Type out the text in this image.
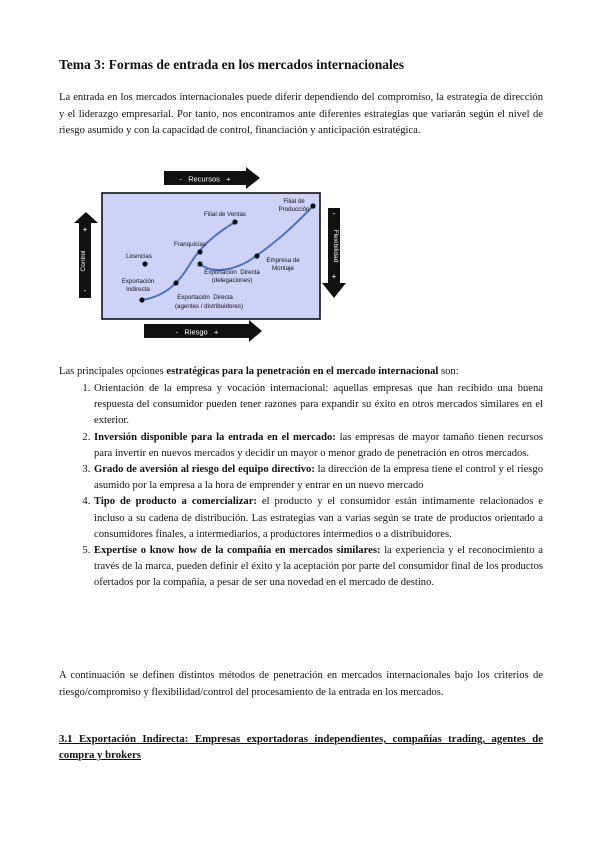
Tema 3: Formas de entrada en los mercados internacionales

La entrada en los mercados internacionales puede diferir dependiendo del compromiso, la estrategia de dirección y el liderazgo empresarial. Por tanto, nos encontramos ante diferentes estrategias que variarán según el nivel de riesgo asumido y con la capacidad de control, financiación y anticipación estratégica.

-   Recursos   +
+
Control
-
-
Flexibilidad
+
-   Riesgo   +
Filial de
Producción
Filial de Ventas
Franquicias
Licencias
Empresa de
Montaje
Exportación  Directa
(delegaciones)
Exportación
Indirecta
Exportación  Directa
(agentes / distribuidores)
Las principales opciones estratégicas para la penetración en el mercado internacional son:
1. Orientación de la empresa y vocación internacional: aquellas empresas que han recibido una buena respuesta del consumidor pueden tener razones para expandir su éxito en otros mercados similares en el exterior.
2. Inversión disponible para la entrada en el mercado: las empresas de mayor tamaño tienen recursos para invertir en nuevos mercados y decidir un mayor o menor grado de penetración en otros mercados.
3. Grado de aversión al riesgo del equipo directivo: la dirección de la empresa tiene el control y el riesgo asumido por la empresa a la hora de emprender y entrar en un nuevo mercado
4. Tipo de producto a comercializar: el producto y el consumidor están íntimamente relacionados e incluso a su cadena de distribución. Las estrategias van a varias según se trate de productos orientado a consumidores finales, a intermediarios, a productores intermedios o a distribuidores.
5. Expertise o know how de la compañía en mercados similares: la experiencia y el reconocimiento a través de la marca, pueden definir el éxito y la aceptación por parte del consumidor final de los productos ofertados por la compañía, a pesar de ser una novedad en el mercado de destino.

A continuación se definen distintos métodos de penetración en mercados internacionales bajo los criterios de riesgo/compromiso y flexibilidad/control del procesamiento de la entrada en los mercados.

3.1 Exportación Indirecta: Empresas exportadoras independientes, compañías trading, agentes de compra y brokers
